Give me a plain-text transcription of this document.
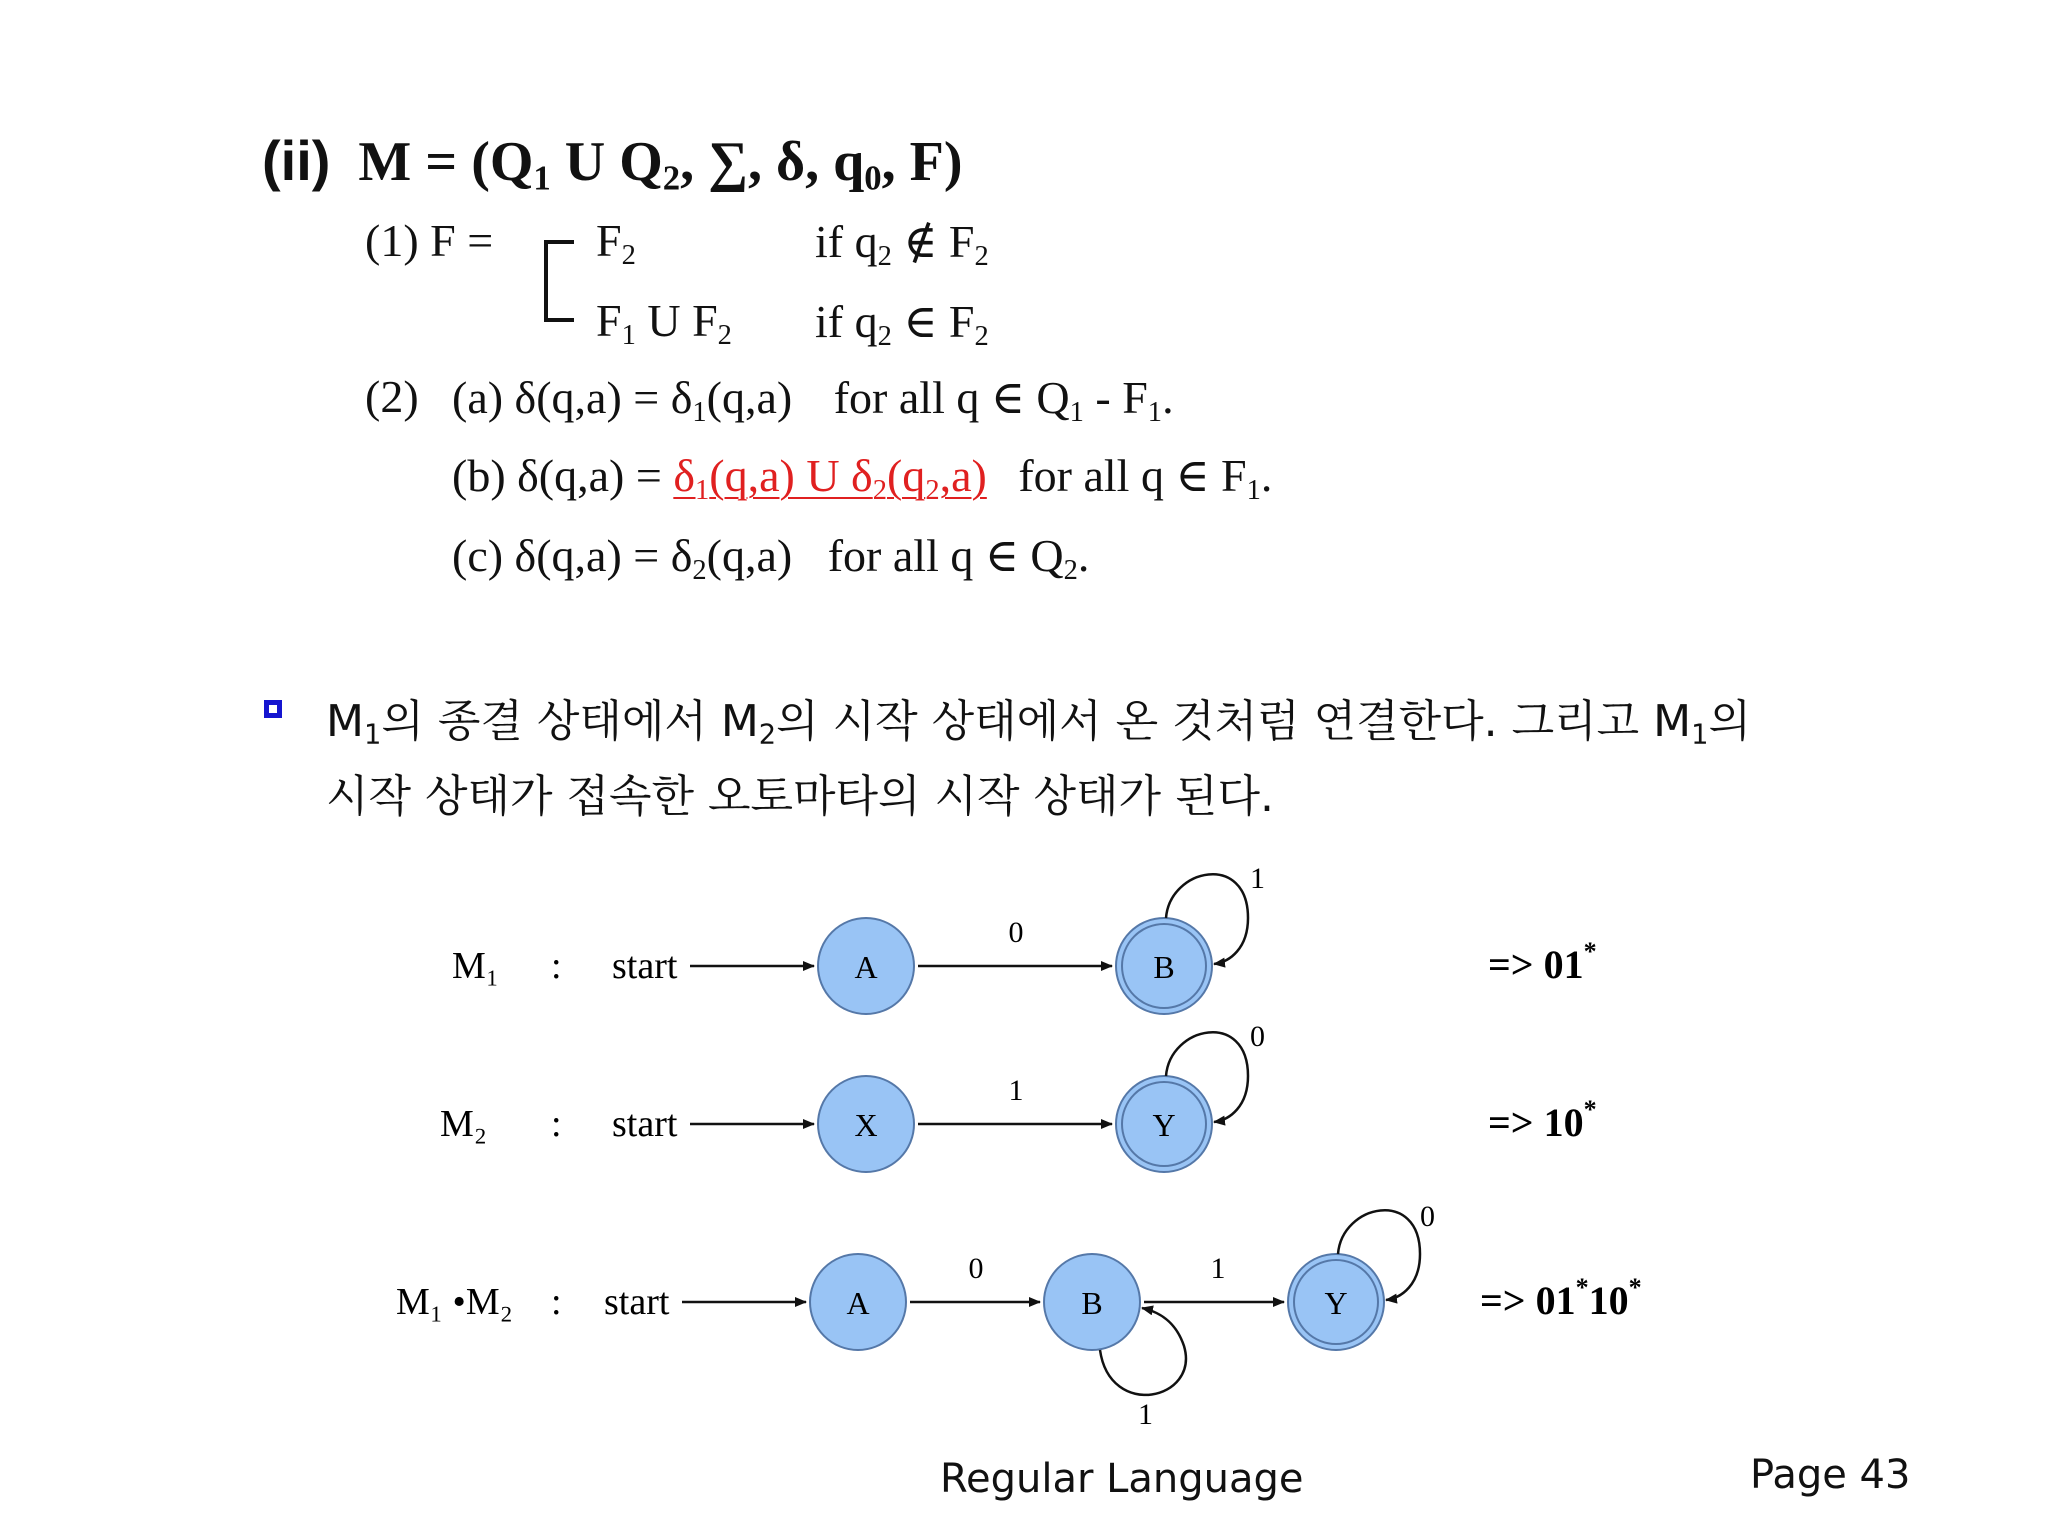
(ii) $M = (Q_1$ U $Q_2$, ∑, δ, $q_0$, F)
(1) $F = F_2$	if $q_2$ ∉ $F_2$
$F_1$ U $F_2$ if $q_2$ ∈ $F_2$
(2) (a) $\delta(q,a) = \delta_1(q,a)$ for all q ∈ $Q_1 - F_1$.
(b) $\delta(q,a) = \delta_1(q,a)$ U $\delta_2(q_2,a)$ for all q ∈ $F_1$.
(c) $\delta(q,a) = \delta_2(q,a)$ for all q ∈ $Q_2$.
$M_1$의 종결 상태에서 $M_2$의 시작 상태에서 온 것처럼 연결한다. 그리고 $M_1$의
시작 상태가 접속한 오토마타의 시작 상태가 된다.
M₁ : start	A
0
B
1
=> 01*
M₂ : start	X
1
Y
0
=> 10*
M₁ •M₂ : start	A
0
B
1
1
Y
0
=> 01*10*
Regular Language	Page 43
